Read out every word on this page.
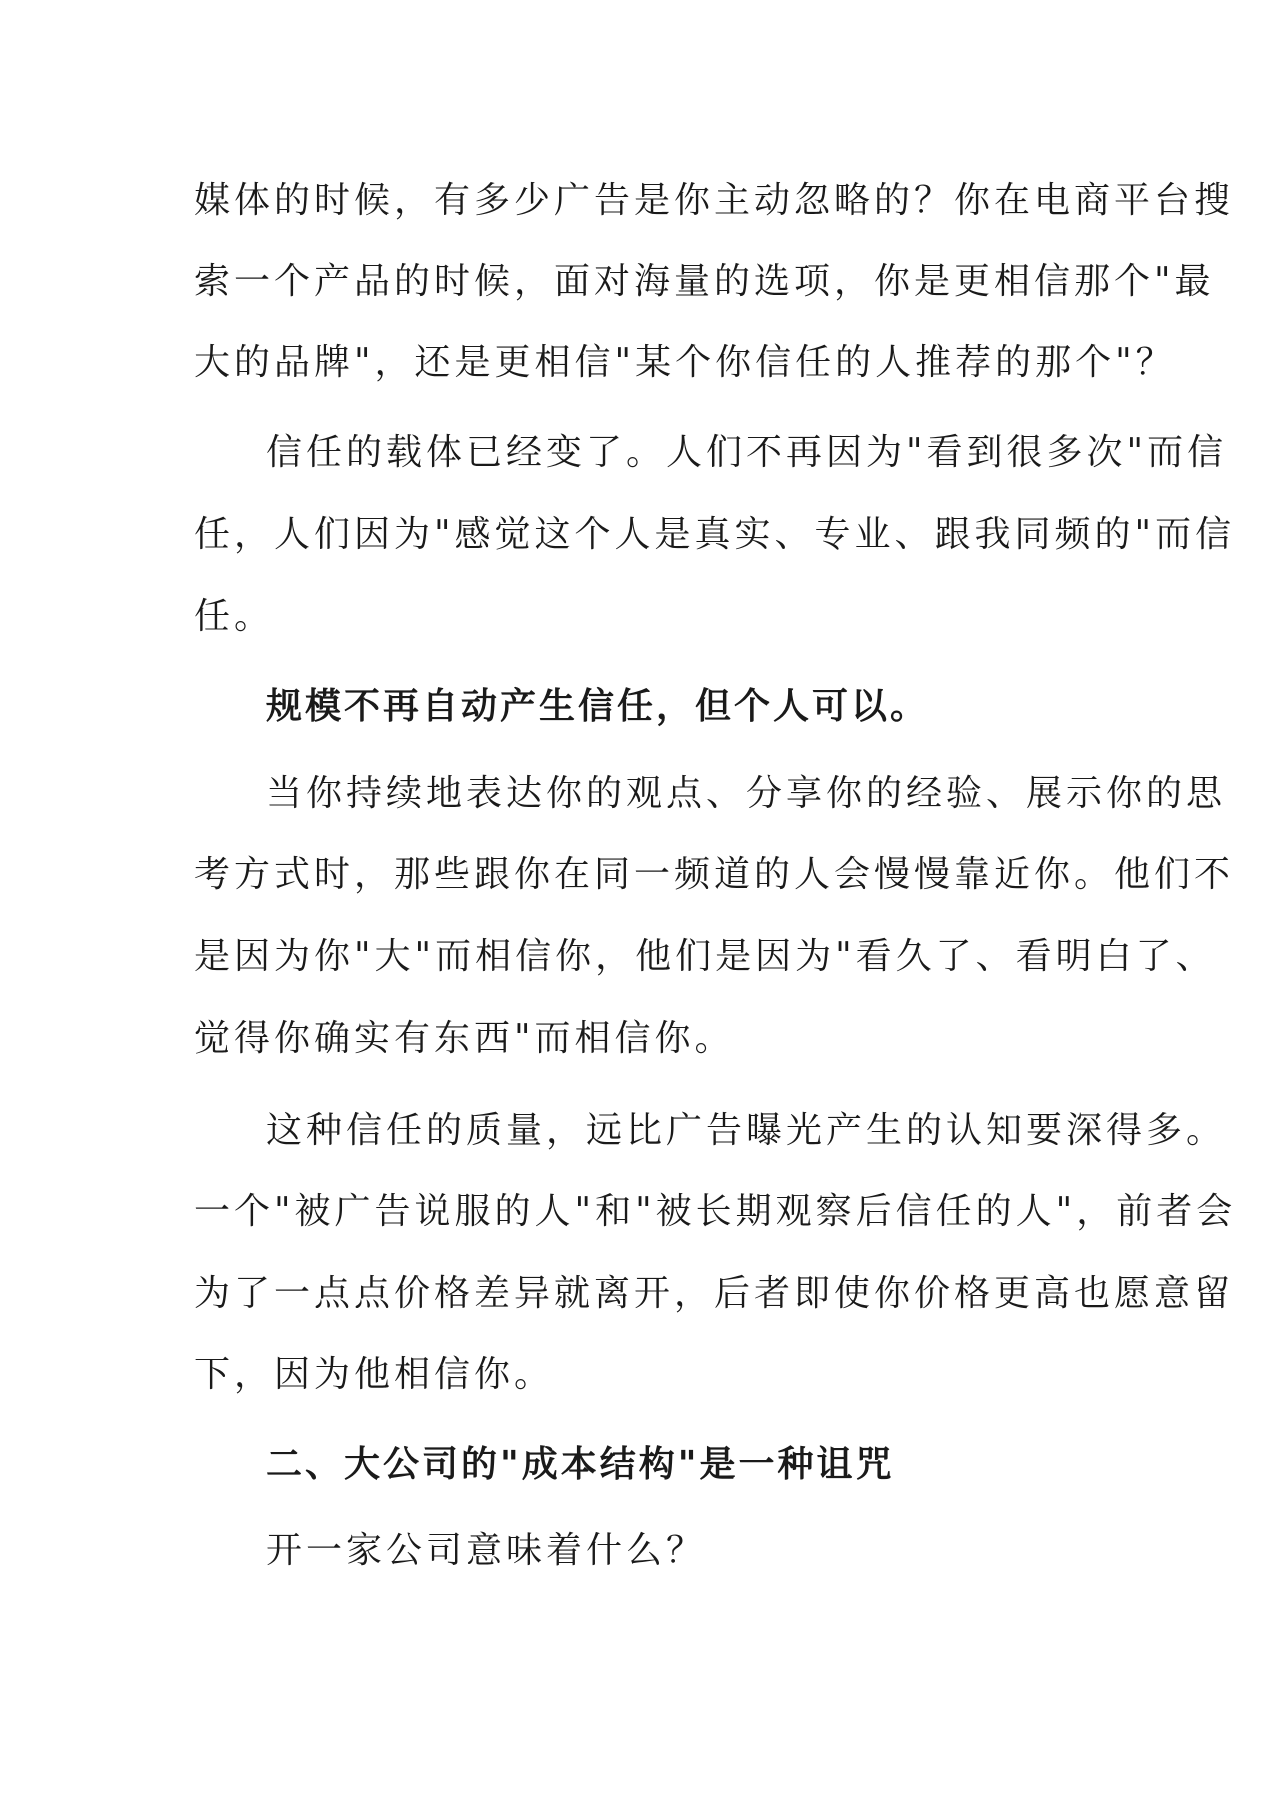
媒体的时候，有多少广告是你主动忽略的？你在电商平台搜
索一个产品的时候，面对海量的选项，你是更相信那个"最
大的品牌"，还是更相信"某个你信任的人推荐的那个"？
信任的载体已经变了。人们不再因为"看到很多次"而信
任，人们因为"感觉这个人是真实、专业、跟我同频的"而信
任。
规模不再自动产生信任，但个人可以。
当你持续地表达你的观点、分享你的经验、展示你的思
考方式时，那些跟你在同一频道的人会慢慢靠近你。他们不
是因为你"大"而相信你，他们是因为"看久了、看明白了、
觉得你确实有东西"而相信你。
这种信任的质量，远比广告曝光产生的认知要深得多。
一个"被广告说服的人"和"被长期观察后信任的人"，前者会
为了一点点价格差异就离开，后者即使你价格更高也愿意留
下，因为他相信你。
二、大公司的"成本结构"是一种诅咒
开一家公司意味着什么？
